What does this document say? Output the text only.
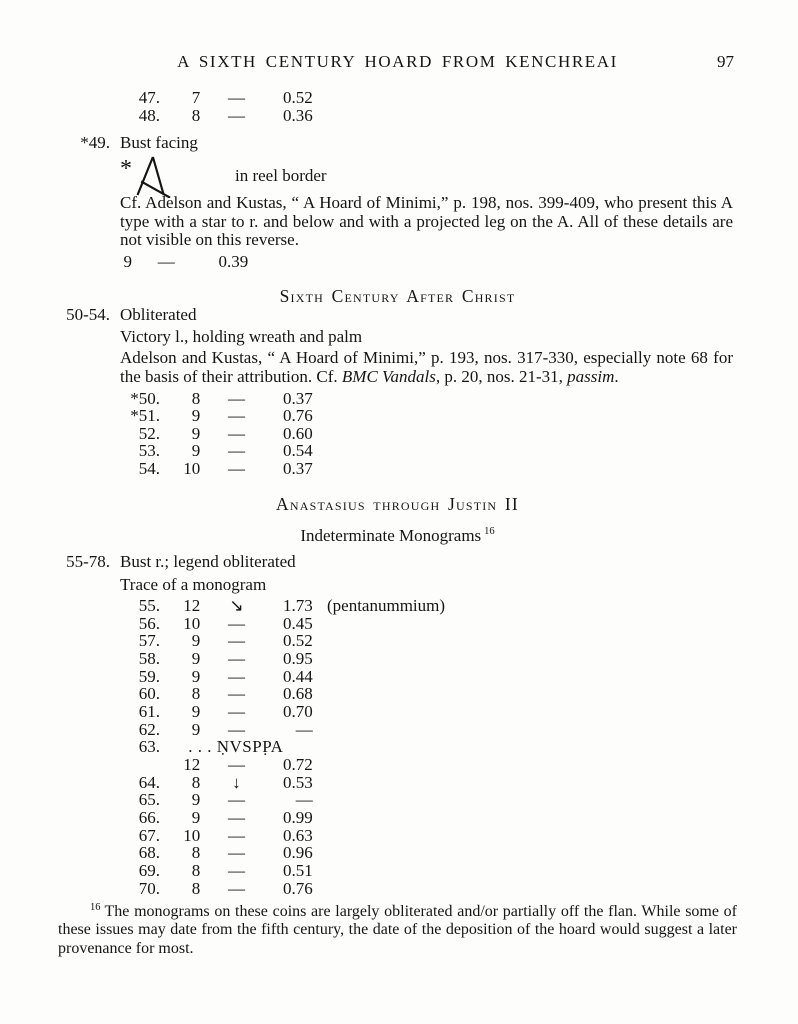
A SIXTH CENTURY HOARD FROM KENCHREAI	97
47. 7 — 0.52
48. 8 — 0.36
*49. Bust facing
*	in reel border
Cf. Adelson and Kustas, “ A Hoard of Minimi,” p. 198, nos. 399-409, who present this A type with a star to r. and below and with a projected leg on the A. All of these details are not visible on this reverse.
9 —	0.39
Sixth Century After Christ
50-54. Obliterated
Victory l., holding wreath and palm
Adelson and Kustas, “ A Hoard of Minimi,” p. 193, nos. 317-330, especially note 68 for the basis of their attribution. Cf. BMC Vandals, p. 20, nos. 21-31, passim.
*50. 8 — 0.37
*51. 9 — 0.76
52. 9 — 0.60
53. 9 — 0.54
54. 10 — 0.37
Anastasius through Justin II
Indeterminate Monograms $^{16}$
55-78. Bust r.; legend obliterated
Trace of a monogram
55. 12 ↘ 1.73 (pentanummium)
56. 10 — 0.45
57. 9 — 0.52
58. 9 — 0.95
59. 9 — 0.44
60. 8 — 0.68
61. 9 — 0.70
62. 9 —	—
63. . . . ṆVSPP̣A
12 — 0.72
64. 8 ↓ 0.53
65. 9 —	—
66. 9 — 0.99
67. 10 — 0.63
68. 8 — 0.96
69. 8 — 0.51
70. 8 — 0.76
$^{16}$ The monograms on these coins are largely obliterated and/or partially off the flan. While some of these issues may date from the fifth century, the date of the deposition of the hoard would suggest a later provenance for most.
